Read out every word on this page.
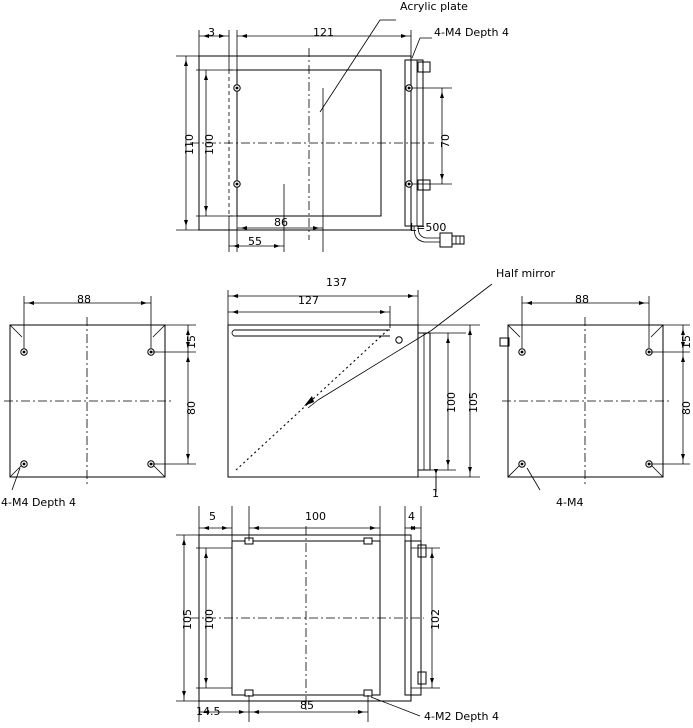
Acrylic plate
4-M4 Depth 4
3	121
110 100
86
55
70
L=500
88
15
80
4-M4 Depth 4
137
127
100 105
1
Half mirror
88
15
80
4-M4
5	100	4
105 100	102
14.5	85
4-M2 Depth 4
